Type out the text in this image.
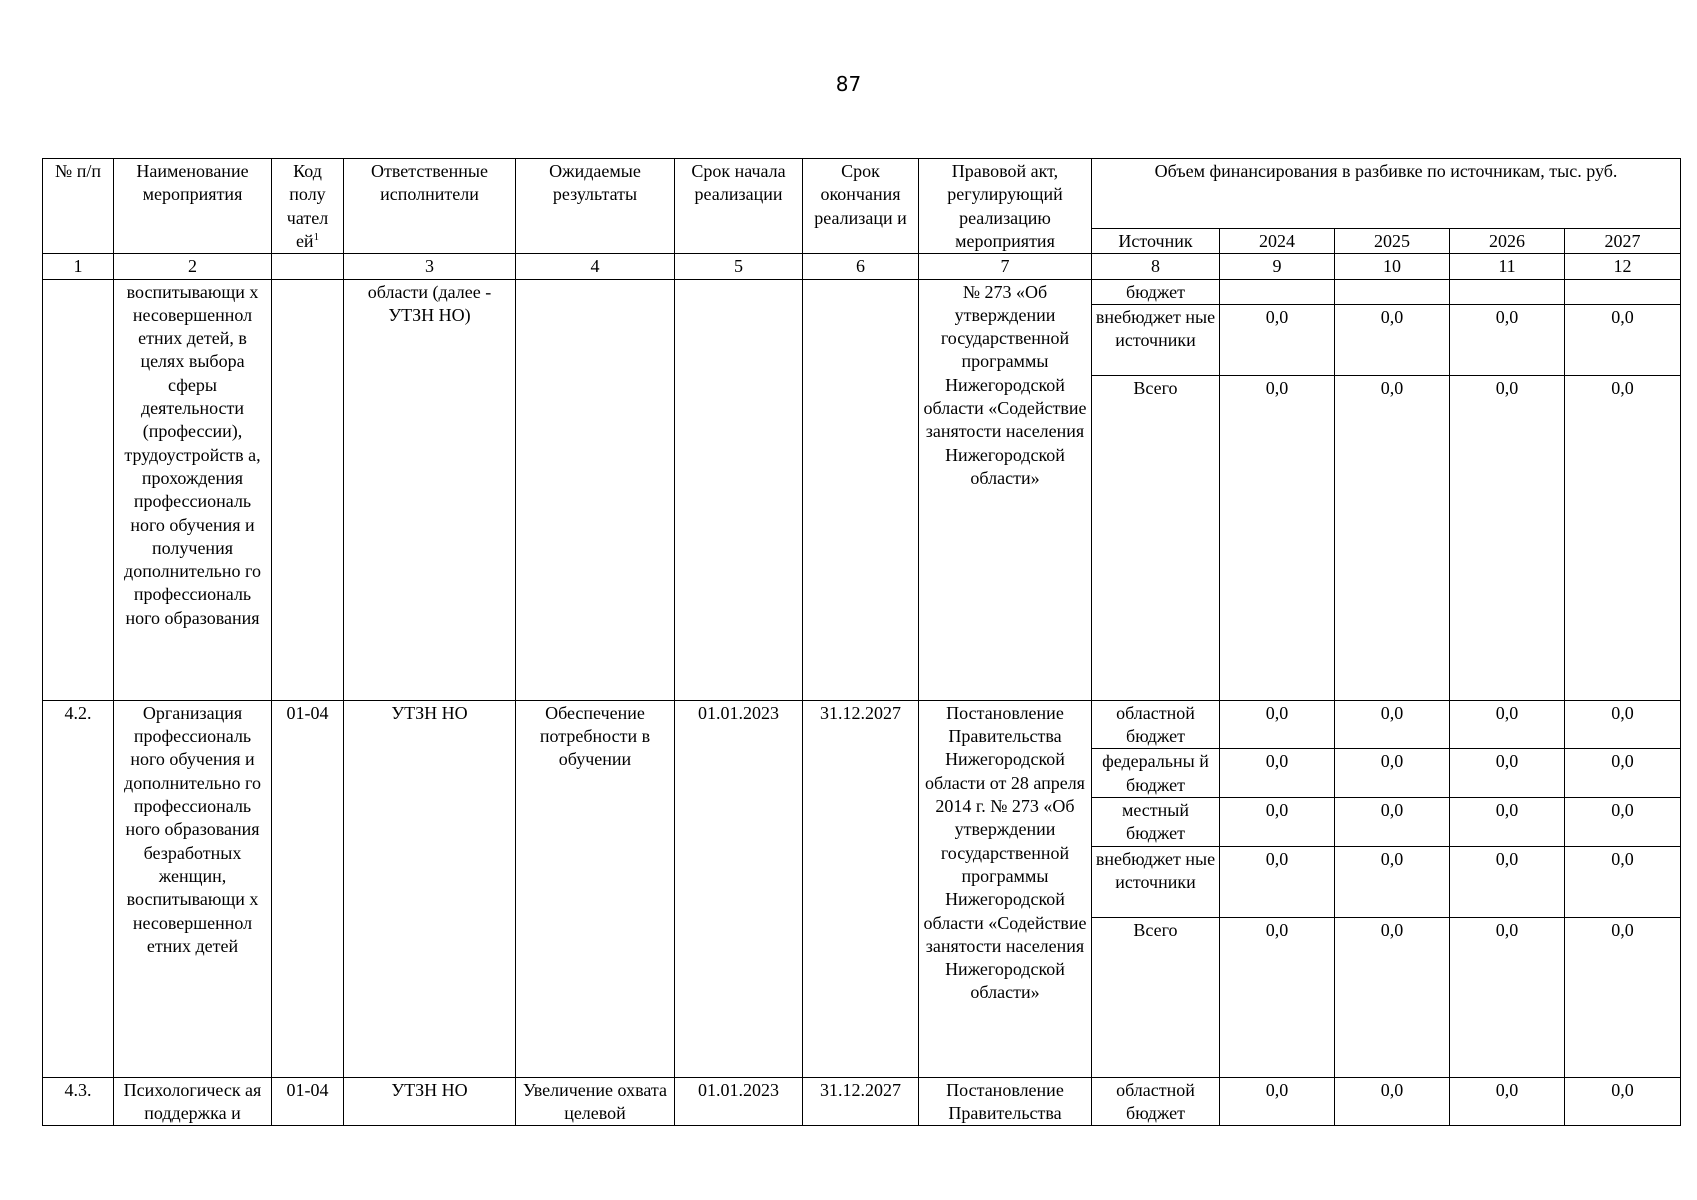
87
№ п/п	Наименование мероприятия	Код полу чател $ей^1$	Ответственные исполнители	Ожидаемые результаты	Срок начала реализации	Срок окончания реализаци и	Правовой акт, регулирующий реализацию мероприятия	Объем финансирования в разбивке по источникам, тыс. руб.				
								Источник	2024	2025	2026	2027
1	2		3	4	5	6	7	8	9	10	11	12
	воспитывающи х несовершеннол етних детей, в целях выбора сферы деятельности (профессии), трудоустройств а, прохождения профессиональ ного обучения и получения дополнительно го профессиональ ного образования		области (далее - УТЗН НО)				№ 273 «Об утверждении государственной программы Нижегородской области «Содействие занятости населения Нижегородской области»	бюджет				
								внебюджет ные источники	0,0	0,0	0,0	0,0
								Всего	0,0	0,0	0,0	0,0
4.2.	Организация профессиональ ного обучения и дополнительно го профессиональ ного образования безработных женщин, воспитывающи х несовершеннол етних детей	01-04	УТЗН НО	Обеспечение потребности в обучении	01.01.2023	31.12.2027	Постановление Правительства Нижегородской области от 28 апреля 2014 г. № 273 «Об утверждении государственной программы Нижегородской области «Содействие занятости населения Нижегородской области»	областной бюджет	0,0	0,0	0,0	0,0
								федеральны й бюджет	0,0	0,0	0,0	0,0
								местный бюджет	0,0	0,0	0,0	0,0
								внебюджет ные источники	0,0	0,0	0,0	0,0
								Всего	0,0	0,0	0,0	0,0
4.3.	Психологическ ая поддержка и	01-04	УТЗН НО	Увеличение охвата целевой	01.01.2023	31.12.2027	Постановление Правительства	областной бюджет	0,0	0,0	0,0	0,0
